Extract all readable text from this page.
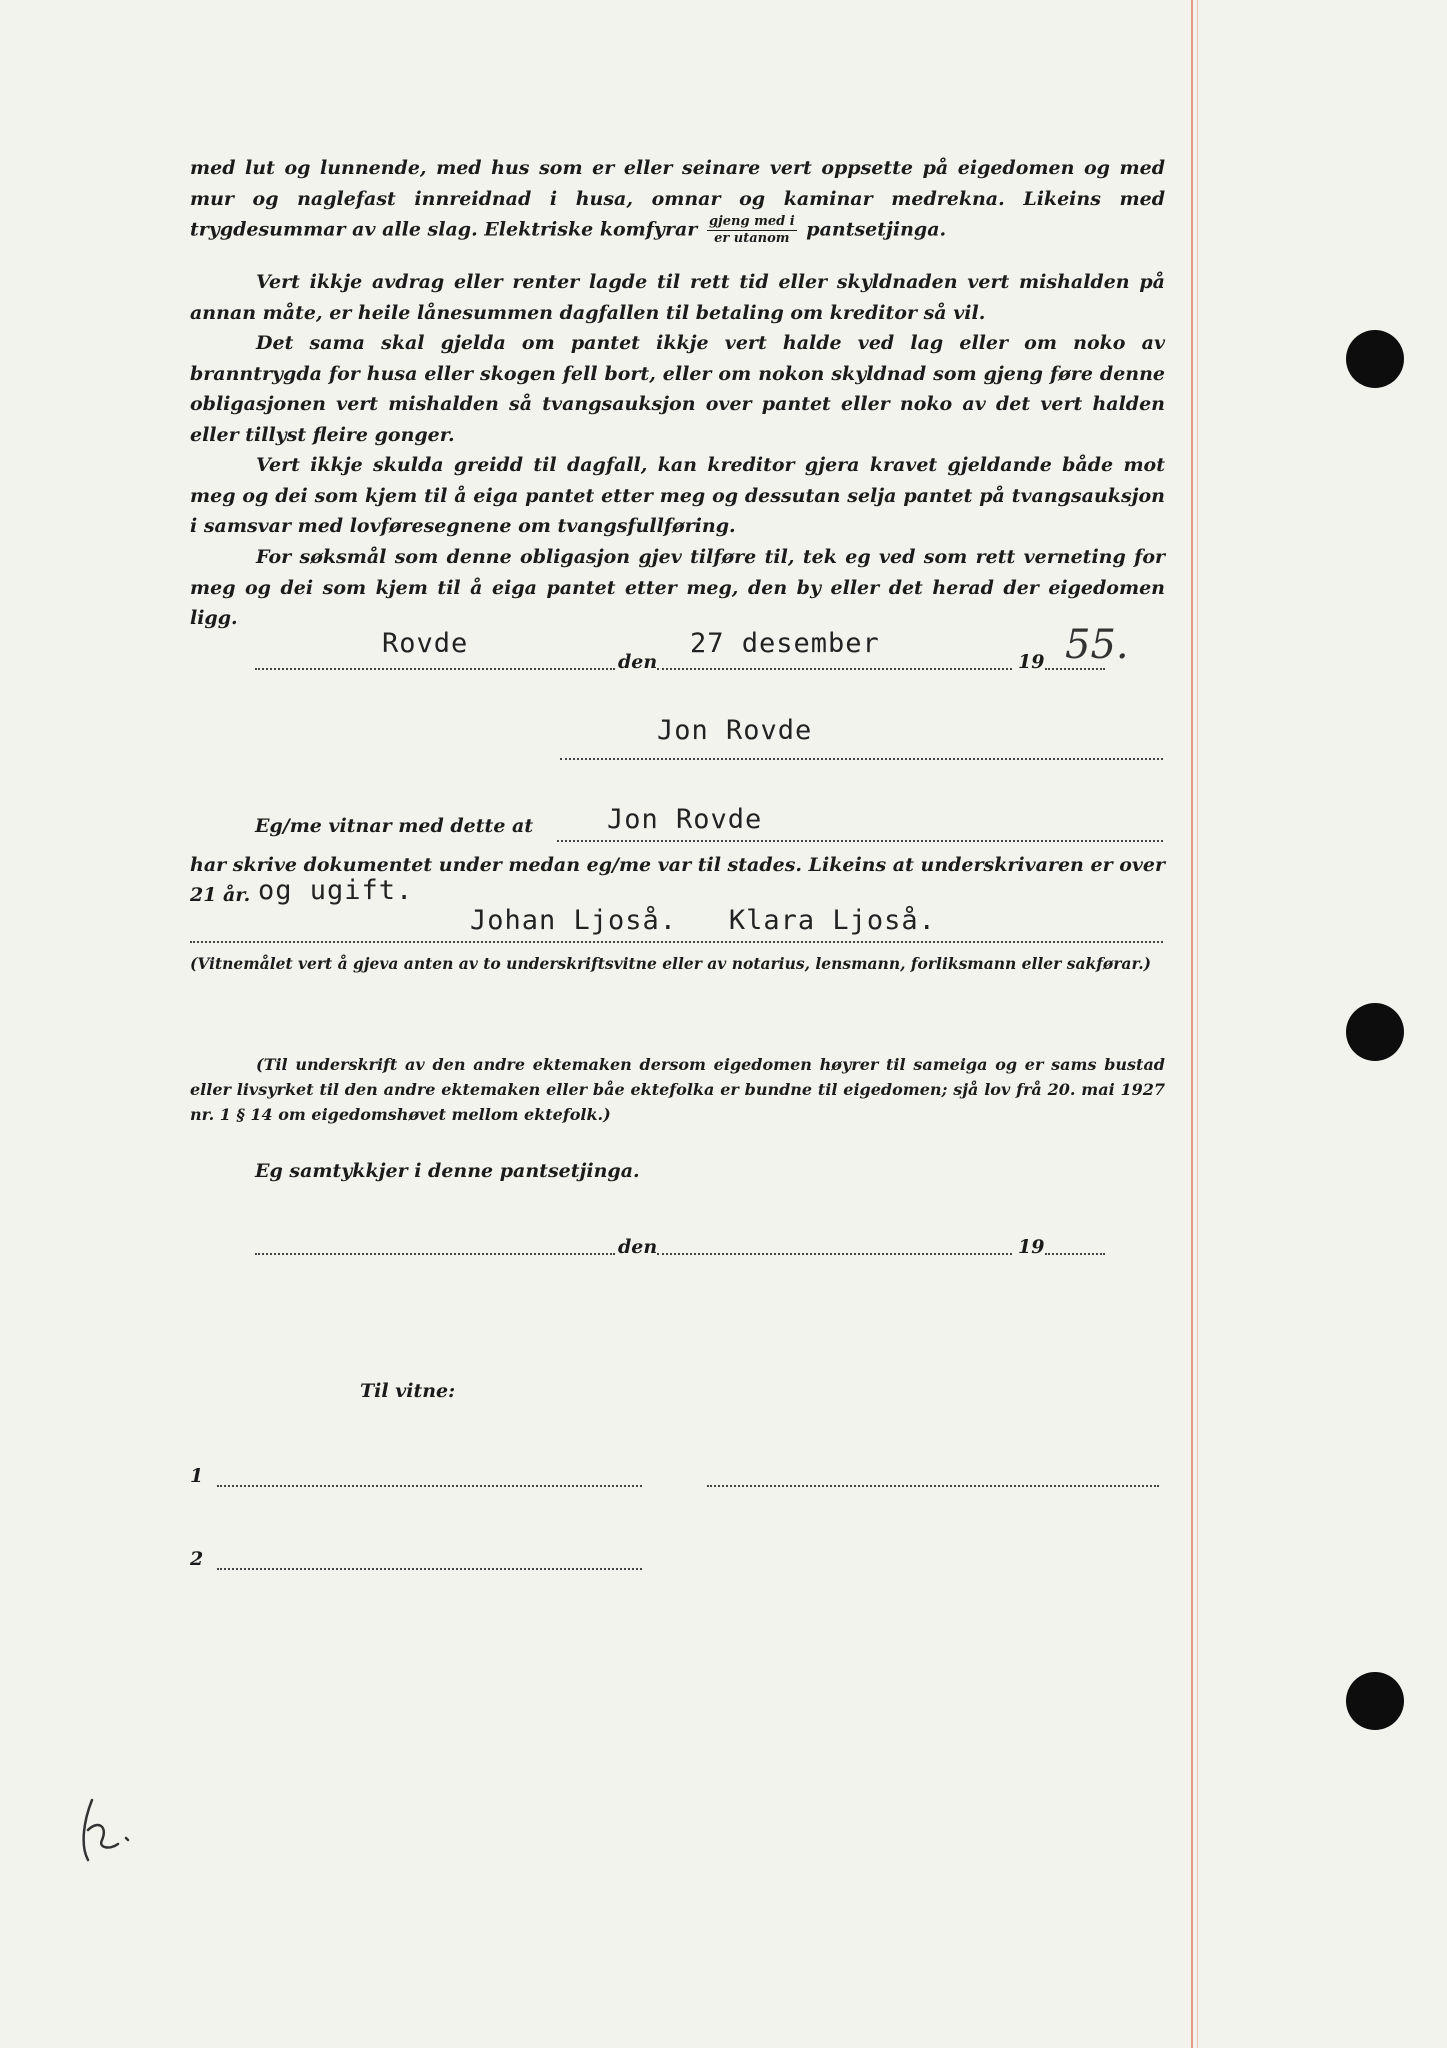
med lut og lunnende, med hus som er eller seinare vert oppsette på eigedomen og med mur og naglefast innreidnad i husa, omnar og kaminar medrekna. Likeins med trygdesummar av alle slag. Elektriske komfyrar $\frac{\text{gjeng med i}}{\text{er utanom}}$ pantsetjinga.

Vert ikkje avdrag eller renter lagde til rett tid eller skyldnaden vert mishalden på annan måte, er heile lånesummen dagfallen til betaling om kreditor så vil.

Det sama skal gjelda om pantet ikkje vert halde ved lag eller om noko av branntrygda for husa eller skogen fell bort, eller om nokon skyldnad som gjeng føre denne obligasjonen vert mishalden så tvangsauksjon over pantet eller noko av det vert halden eller tillyst fleire gonger.

Vert ikkje skulda greidd til dagfall, kan kreditor gjera kravet gjeldande både mot meg og dei som kjem til å eiga pantet etter meg og dessutan selja pantet på tvangsauksjon i samsvar med lovføresegnene om tvangsfullføring.

For søksmål som denne obligasjon gjev tilføre til, tek eg ved som rett verneting for meg og dei som kjem til å eiga pantet etter meg, den by eller det herad der eigedomen ligg.

Rovde
den
27 desember
19 55.
Jon Rovde
Eg/me vitnar med dette at	Jon Rovde
har skrive dokumentet under medan eg/me var til stades. Likeins at underskrivaren er over
21 år. og ugift.
Johan Ljoså.   Klara Ljoså.
(Vitnemålet vert å gjeva anten av to underskriftsvitne eller av notarius, lensmann, forliksmann eller sakførar.)

(Til underskrift av den andre ektemaken dersom eigedomen høyrer til sameiga og er sams bustad eller livsyrket til den andre ektemaken eller båe ektefolka er bundne til eigedomen; sjå lov frå 20. mai 1927 nr. 1 § 14 om eigedomshøvet mellom ektefolk.)

Eg samtykkjer i denne pantsetjinga.
den	19
Til vitne:
1
2
